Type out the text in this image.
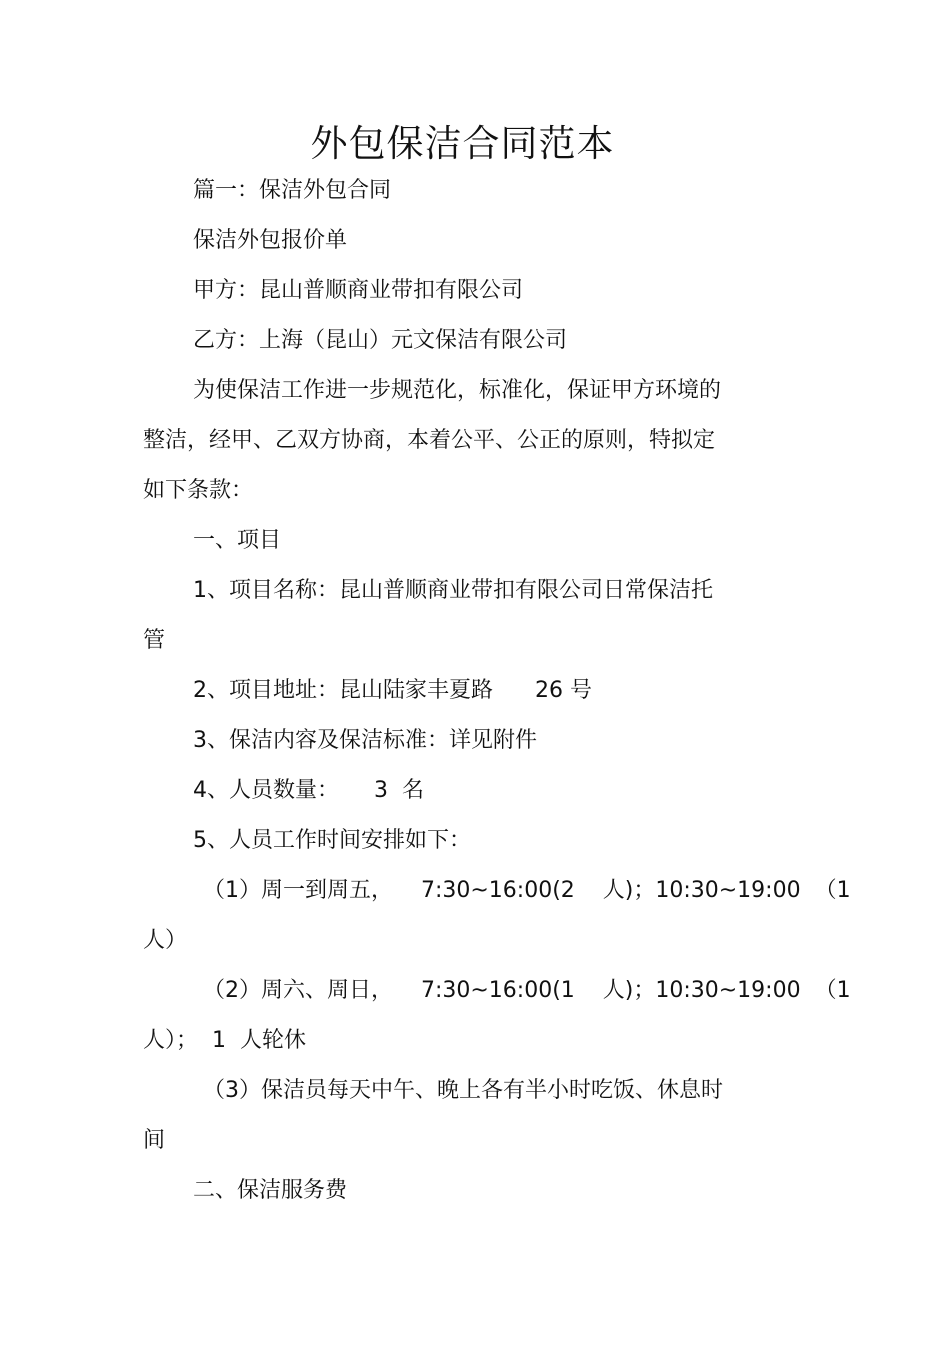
外包保洁合同范本
篇一：保洁外包合同
保洁外包报价单
甲方：昆山普顺商业带扣有限公司
乙方：上海（昆山）元文保洁有限公司
为使保洁工作进一步规范化，标准化，保证甲方环境的
整洁，经甲、乙双方协商，本着公平、公正的原则，特拟定
如下条款：
一、项目
1、项目名称：昆山普顺商业带扣有限公司日常保洁托
管
2、项目地址：昆山陆家丰夏路      26 号
3、保洁内容及保洁标准：详见附件
4、人员数量：     3  名
5、人员工作时间安排如下：
（1）周一到周五，    7:30~16:00(2    人)；10:30~19:00  （1
人）
（2）周六、周日，    7:30~16:00(1    人)；10:30~19:00  （1
人）；  1  人轮休
（3）保洁员每天中午、晚上各有半小时吃饭、休息时
间
二、保洁服务费
